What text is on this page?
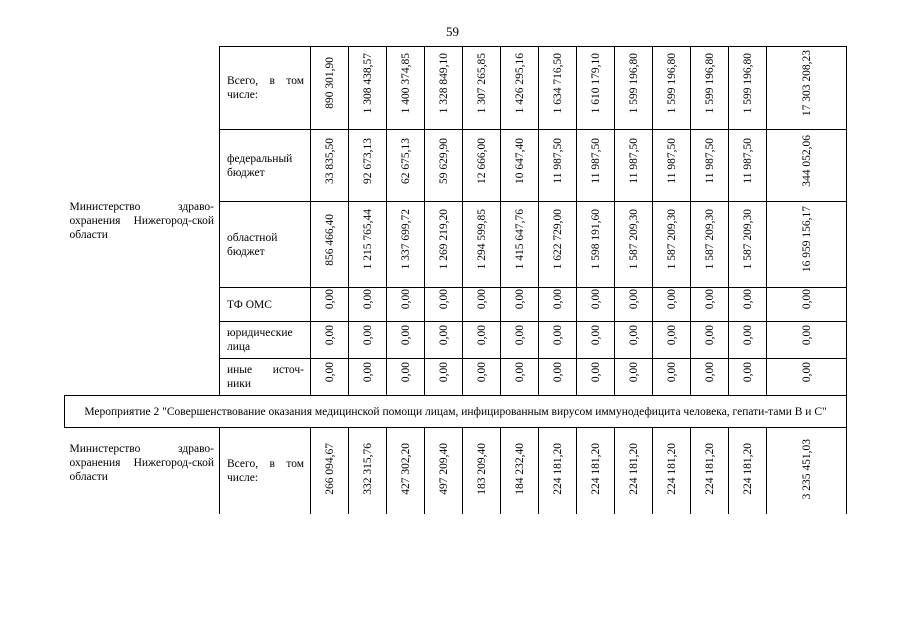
59
Министерство здраво-охранения Нижегород-ской области	Всего, в том числе:	890 301,90	1 308 438,57	1 400 374,85	1 328 849,10	1 307 265,85	1 426 295,16	1 634 716,50	1 610 179,10	1 599 196,80	1 599 196,80	1 599 196,80	1 599 196,80	17 303 208,23
	федеральный бюджет	33 835,50	92 673,13	62 675,13	59 629,90	12 666,00	10 647,40	11 987,50	11 987,50	11 987,50	11 987,50	11 987,50	11 987,50	344 052,06
	областной бюджет	856 466,40	1 215 765,44	1 337 699,72	1 269 219,20	1 294 599,85	1 415 647,76	1 622 729,00	1 598 191,60	1 587 209,30	1 587 209,30	1 587 209,30	1 587 209,30	16 959 156,17
	ТФ ОМС	0,00	0,00	0,00	0,00	0,00	0,00	0,00	0,00	0,00	0,00	0,00	0,00	0,00
	юридические лица	0,00	0,00	0,00	0,00	0,00	0,00	0,00	0,00	0,00	0,00	0,00	0,00	0,00
	иные источ-ники	0,00	0,00	0,00	0,00	0,00	0,00	0,00	0,00	0,00	0,00	0,00	0,00	0,00
Мероприятие 2 "Совершенствование оказания медицинской помощи лицам, инфицированным вирусом иммунодефицита человека, гепати-тами В и С"														
Министерство здраво-охранения Нижегород-ской области	Всего, в том числе:	266 094,67	332 315,76	427 302,20	497 209,40	183 209,40	184 232,40	224 181,20	224 181,20	224 181,20	224 181,20	224 181,20	224 181,20	3 235 451,03
